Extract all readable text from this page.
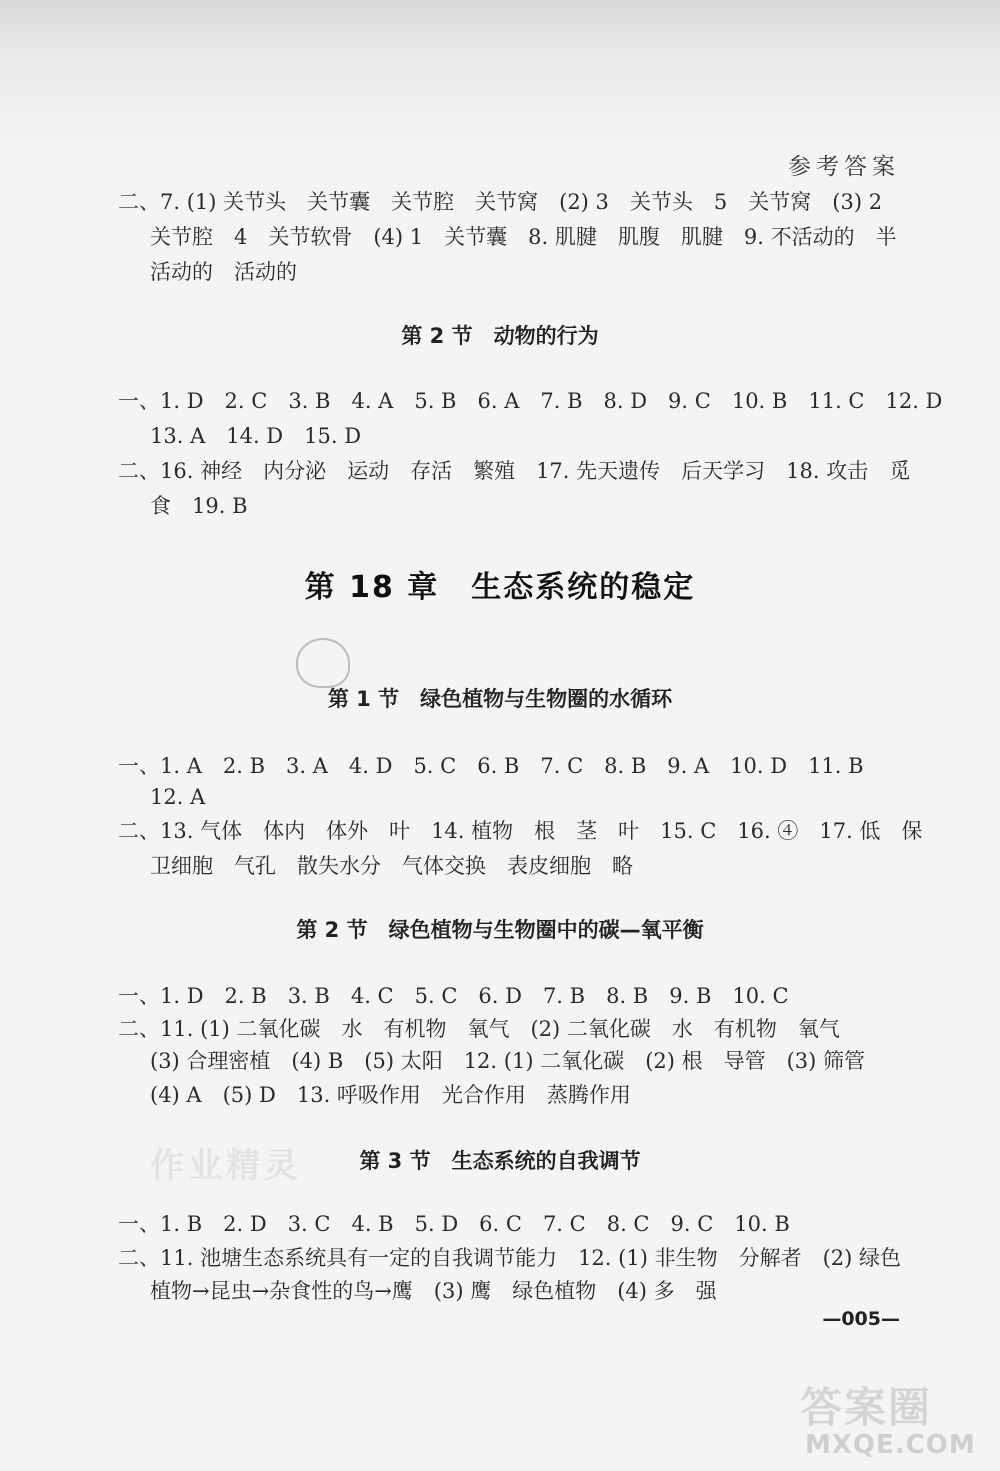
参考答案
二、7. (1) 关节头　关节囊　关节腔　关节窝　(2) 3　关节头　5　关节窝　(3) 2
关节腔　4　关节软骨　(4) 1　关节囊　8. 肌腱　肌腹　肌腱　9. 不活动的　半
活动的　活动的
第 2 节　动物的行为
一、1. D　2. C　3. B　4. A　5. B　6. A　7. B　8. D　9. C　10. B　11. C　12. D
13. A　14. D　15. D
二、16. 神经　内分泌　运动　存活　繁殖　17. 先天遗传　后天学习　18. 攻击　觅
食　19. B
第 18 章　生态系统的稳定
第 1 节　绿色植物与生物圈的水循环
一、1. A　2. B　3. A　4. D　5. C　6. B　7. C　8. B　9. A　10. D　11. B
12. A
二、13. 气体　体内　体外　叶　14. 植物　根　茎　叶　15. C　16. ④　17. 低　保
卫细胞　气孔　散失水分　气体交换　表皮细胞　略
第 2 节　绿色植物与生物圈中的碳—氧平衡
一、1. D　2. B　3. B　4. C　5. C　6. D　7. B　8. B　9. B　10. C
二、11. (1) 二氧化碳　水　有机物　氧气　(2) 二氧化碳　水　有机物　氧气
(3) 合理密植　(4) B　(5) 太阳　12. (1) 二氧化碳　(2) 根　导管　(3) 筛管
(4) A　(5) D　13. 呼吸作用　光合作用　蒸腾作用
作业精灵	第 3 节　生态系统的自我调节
一、1. B　2. D　3. C　4. B　5. D　6. C　7. C　8. C　9. C　10. B
二、11. 池塘生态系统具有一定的自我调节能力　12. (1) 非生物　分解者　(2) 绿色
植物→昆虫→杂食性的鸟→鹰　(3) 鹰　绿色植物　(4) 多　强
—005—
答案圈
MXQE.COM
